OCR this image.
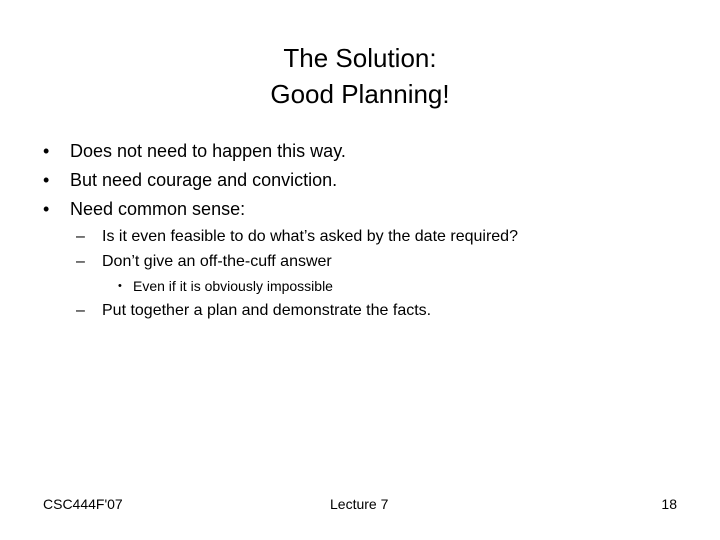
The Solution:
Good Planning!
• Does not need to happen this way.
• But need courage and conviction.
• Need common sense:
– Is it even feasible to do what’s asked by the date required?
– Don’t give an off-the-cuff answer
• Even if it is obviously impossible
– Put together a plan and demonstrate the facts.
CSC444F'07	Lecture 7	18
